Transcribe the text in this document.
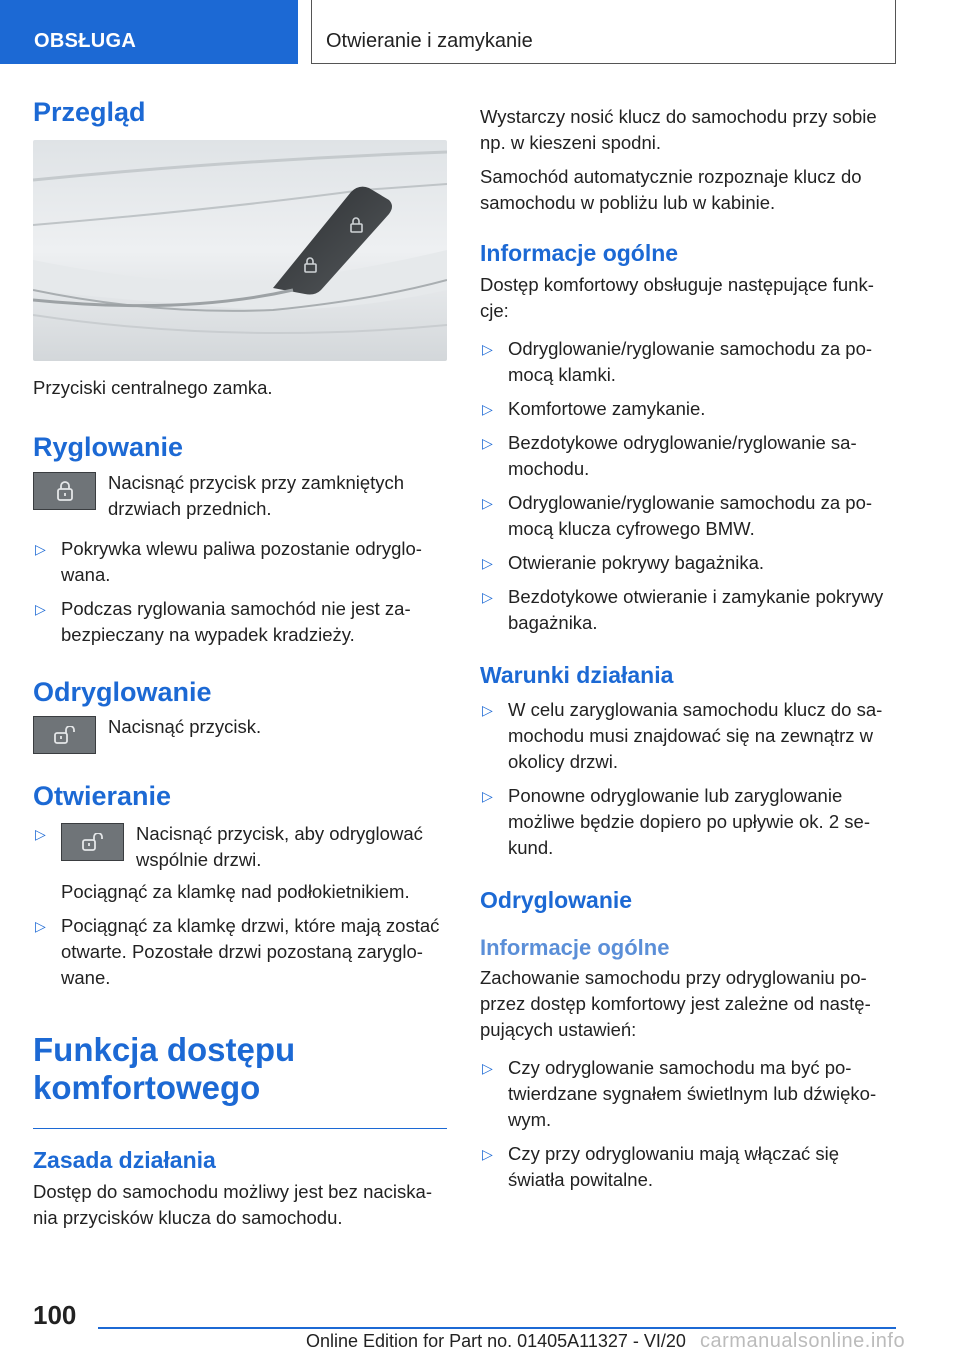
OBSŁUGA	Otwieranie i zamykanie
Przegląd

Przyciski centralnego zamka.

Ryglowanie

Nacisnąć przycisk przy zamkniętych drzwiach przednich.

▷ Pokrywka wlewu paliwa pozostanie odryglowana.
▷ Podczas ryglowania samochód nie jest zabezpieczany na wypadek kradzieży.
Odryglowanie

Nacisnąć przycisk.

Otwieranie
▷	Nacisnąć przycisk, aby odryglować wspólnie drzwi.

Pociągnąć za klamkę nad podłokietnikiem.
▷ Pociągnąć za klamkę drzwi, które mają zostać otwarte. Pozostałe drzwi pozostaną zaryglowane.
Funkcja dostępu
komfortowego
Zasada działania

Dostęp do samochodu możliwy jest bez naciskania przycisków klucza do samochodu.

Wystarczy nosić klucz do samochodu przy sobie np. w kieszeni spodni.

Samochód automatycznie rozpoznaje klucz do samochodu w pobliżu lub w kabinie.

Informacje ogólne

Dostęp komfortowy obsługuje następujące funkcje:

▷ Odryglowanie/ryglowanie samochodu za pomocą klamki.
▷ Komfortowe zamykanie.
▷ Bezdotykowe odryglowanie/ryglowanie samochodu.
▷ Odryglowanie/ryglowanie samochodu za pomocą klucza cyfrowego BMW.
▷ Otwieranie pokrywy bagażnika.
▷ Bezdotykowe otwieranie i zamykanie pokrywy bagażnika.
Warunki działania
▷ W celu zaryglowania samochodu klucz do samochodu musi znajdować się na zewnątrz w okolicy drzwi.
▷ Ponowne odryglowanie lub zaryglowanie możliwe będzie dopiero po upływie ok. 2 sekund.
Odryglowanie
Informacje ogólne

Zachowanie samochodu przy odryglowaniu poprzez dostęp komfortowy jest zależne od następujących ustawień:

▷ Czy odryglowanie samochodu ma być potwierdzane sygnałem świetlnym lub dźwiękowym.
▷ Czy przy odryglowaniu mają włączać się światła powitalne.
100
Online Edition for Part no. 01405A11327 - VI/20 carmanualsonline.info
